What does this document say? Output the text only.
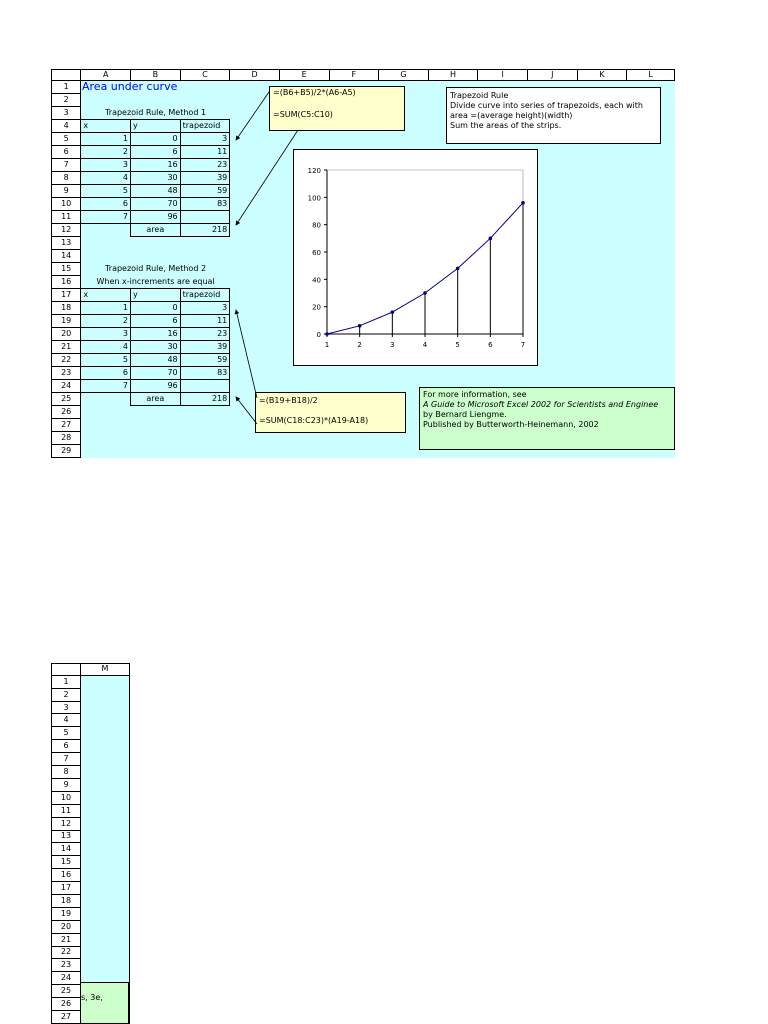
	A	B	C	D	E	F	G	H	I	J	K	L
1												
2												
3	Trapezoid Rule, Method 1											
4	x	y	trapezoid									
5	1	0	3									
6	2	6	11									
7	3	16	23									
8	4	30	39									
9	5	48	59									
10	6	70	83									
11	7	96										
12		area	218									
13												
14												
15	Trapezoid Rule, Method 2											
16	When x-increments are equal											
17	x	y	trapezoid									
18	1	0	3									
19	2	6	11									
20	3	16	23									
21	4	30	39									
22	5	48	59									
23	6	70	83									
24	7	96										
25		area	218									
26												
27												
28												
29												
Area under curve	=(B6+B5)/2*(A6-A5)
=SUM(C5:C10)
Trapezoid Rule
Divide curve into series of trapezoids, each with
area =(average height)(width)
Sum the areas of the strips.
=(B19+B18)/2
=SUM(C18:C23)*(A19-A18)
For more information, see
A Guide to Microsoft Excel 2002 for Scientists and Enginee
by Bernard Liengme.
Published by Butterworth-Heinemann, 2002
0
20
40
60
80
100
120
1	2	3	4	5	6	7
	M
1	
2	
3	
4	
5	
6	
7	
8	
9	
10	
11	
12	
13	
14	
15	
16	
17	
18	
19	
20	
21	
22	
23	
24	
25	
26	
27	
s, 3e,
